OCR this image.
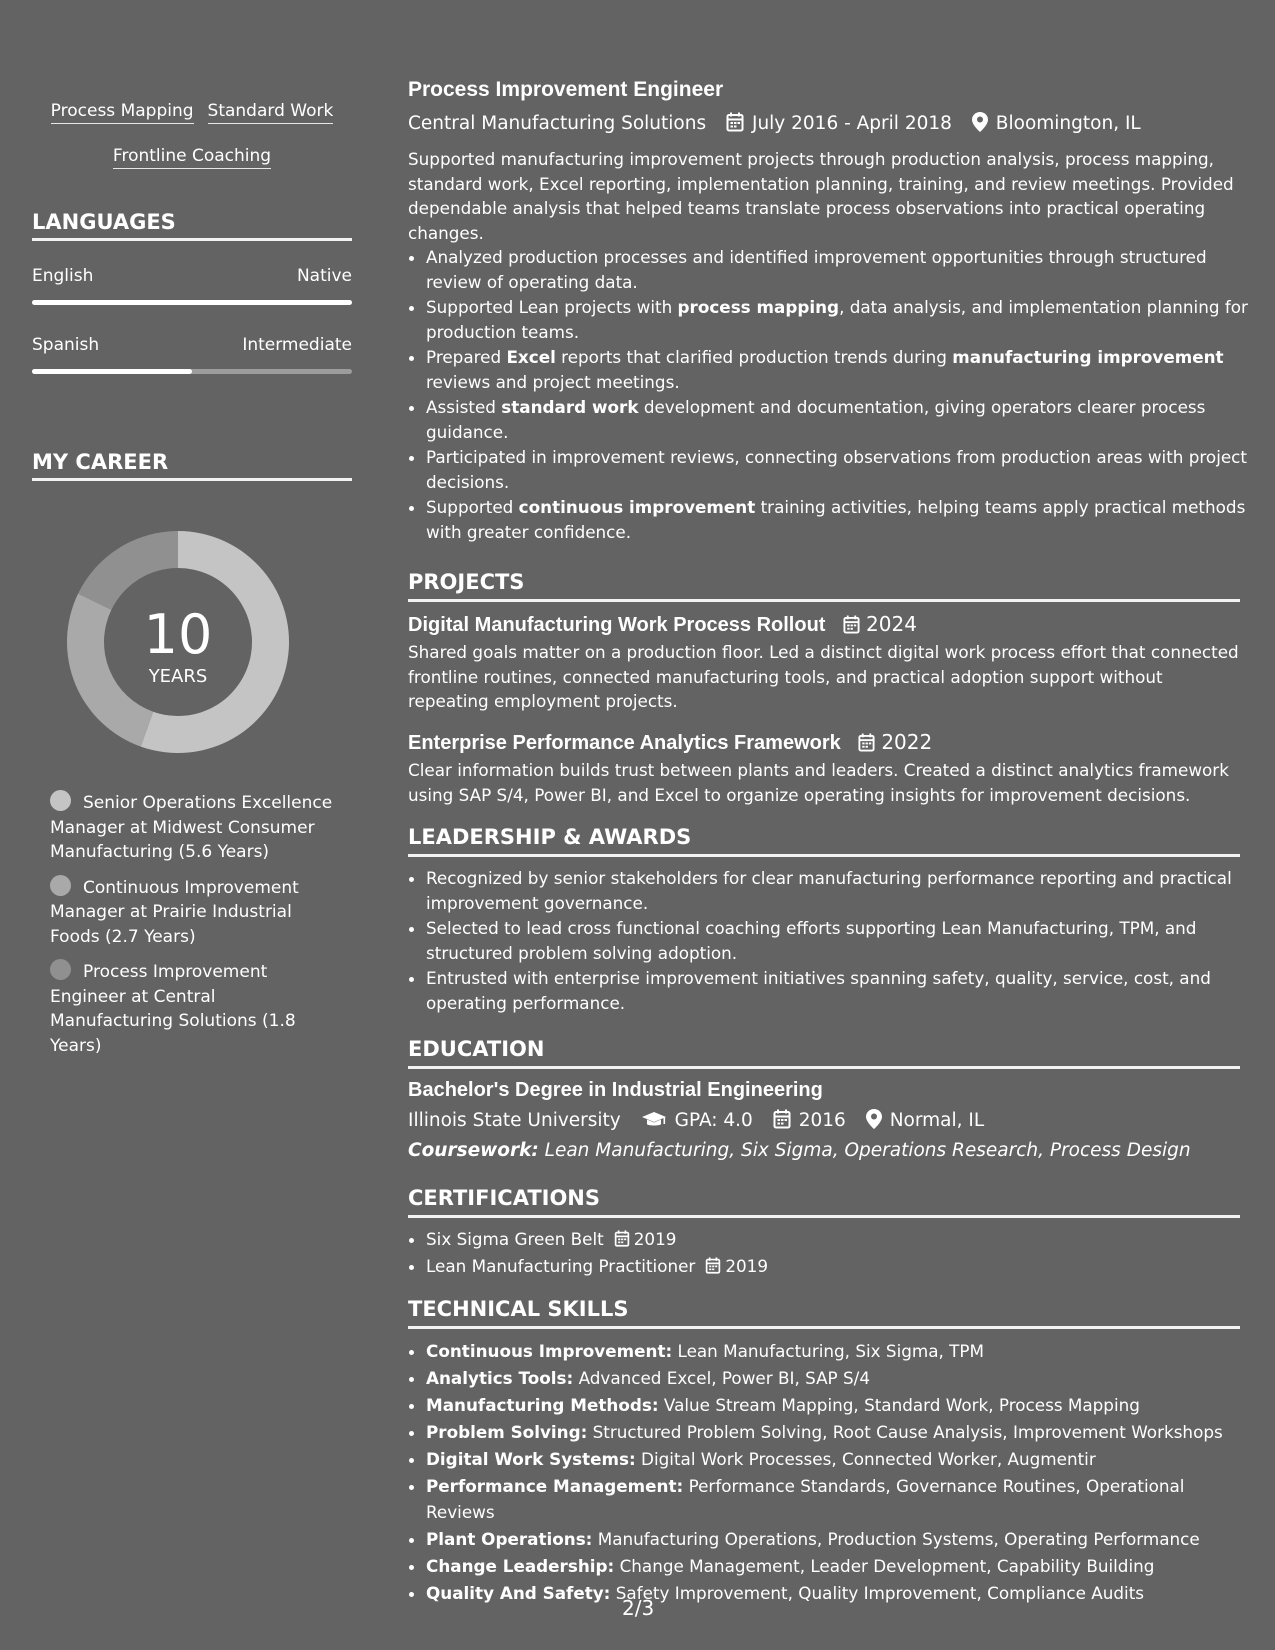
Process Mapping Standard Work
Frontline Coaching
LANGUAGES
English	Native
Spanish	Intermediate
MY CAREER
10
YEARS
Senior Operations Excellence Manager at Midwest Consumer Manufacturing (5.6 Years)
Continuous Improvement Manager at Prairie Industrial Foods (2.7 Years)
Process Improvement Engineer at Central Manufacturing Solutions (1.8 Years)
Process Improvement Engineer
Central Manufacturing Solutions July 2016 - April 2018 Bloomington, IL
Supported manufacturing improvement projects through production analysis, process mapping, standard work, Excel reporting, implementation planning, training, and review meetings. Provided dependable analysis that helped teams translate process observations into practical operating changes.
• Analyzed production processes and identified improvement opportunities through structured review of operating data.
• Supported Lean projects with process mapping, data analysis, and implementation planning for production teams.
• Prepared Excel reports that clarified production trends during manufacturing improvement reviews and project meetings.
• Assisted standard work development and documentation, giving operators clearer process guidance.
• Participated in improvement reviews, connecting observations from production areas with project decisions.
• Supported continuous improvement training activities, helping teams apply practical methods with greater confidence.
PROJECTS
Digital Manufacturing Work Process Rollout 2024
Shared goals matter on a production floor. Led a distinct digital work process effort that connected frontline routines, connected manufacturing tools, and practical adoption support without repeating employment projects.
Enterprise Performance Analytics Framework 2022
Clear information builds trust between plants and leaders. Created a distinct analytics framework using SAP S/4, Power BI, and Excel to organize operating insights for improvement decisions.
LEADERSHIP & AWARDS
• Recognized by senior stakeholders for clear manufacturing performance reporting and practical improvement governance.
• Selected to lead cross functional coaching efforts supporting Lean Manufacturing, TPM, and structured problem solving adoption.
• Entrusted with enterprise improvement initiatives spanning safety, quality, service, cost, and operating performance.
EDUCATION
Bachelor's Degree in Industrial Engineering
Illinois State University	GPA: 4.0 2016 Normal, IL
Coursework: Lean Manufacturing, Six Sigma, Operations Research, Process Design
CERTIFICATIONS
• Six Sigma Green Belt 2019
• Lean Manufacturing Practitioner 2019
TECHNICAL SKILLS
• Continuous Improvement: Lean Manufacturing, Six Sigma, TPM
• Analytics Tools: Advanced Excel, Power BI, SAP S/4
• Manufacturing Methods: Value Stream Mapping, Standard Work, Process Mapping
• Problem Solving: Structured Problem Solving, Root Cause Analysis, Improvement Workshops
• Digital Work Systems: Digital Work Processes, Connected Worker, Augmentir
• Performance Management: Performance Standards, Governance Routines, Operational Reviews
• Plant Operations: Manufacturing Operations, Production Systems, Operating Performance
• Change Leadership: Change Management, Leader Development, Capability Building
• Quality And Safety: Safety Improvement, Quality Improvement, Compliance Audits
2/3
